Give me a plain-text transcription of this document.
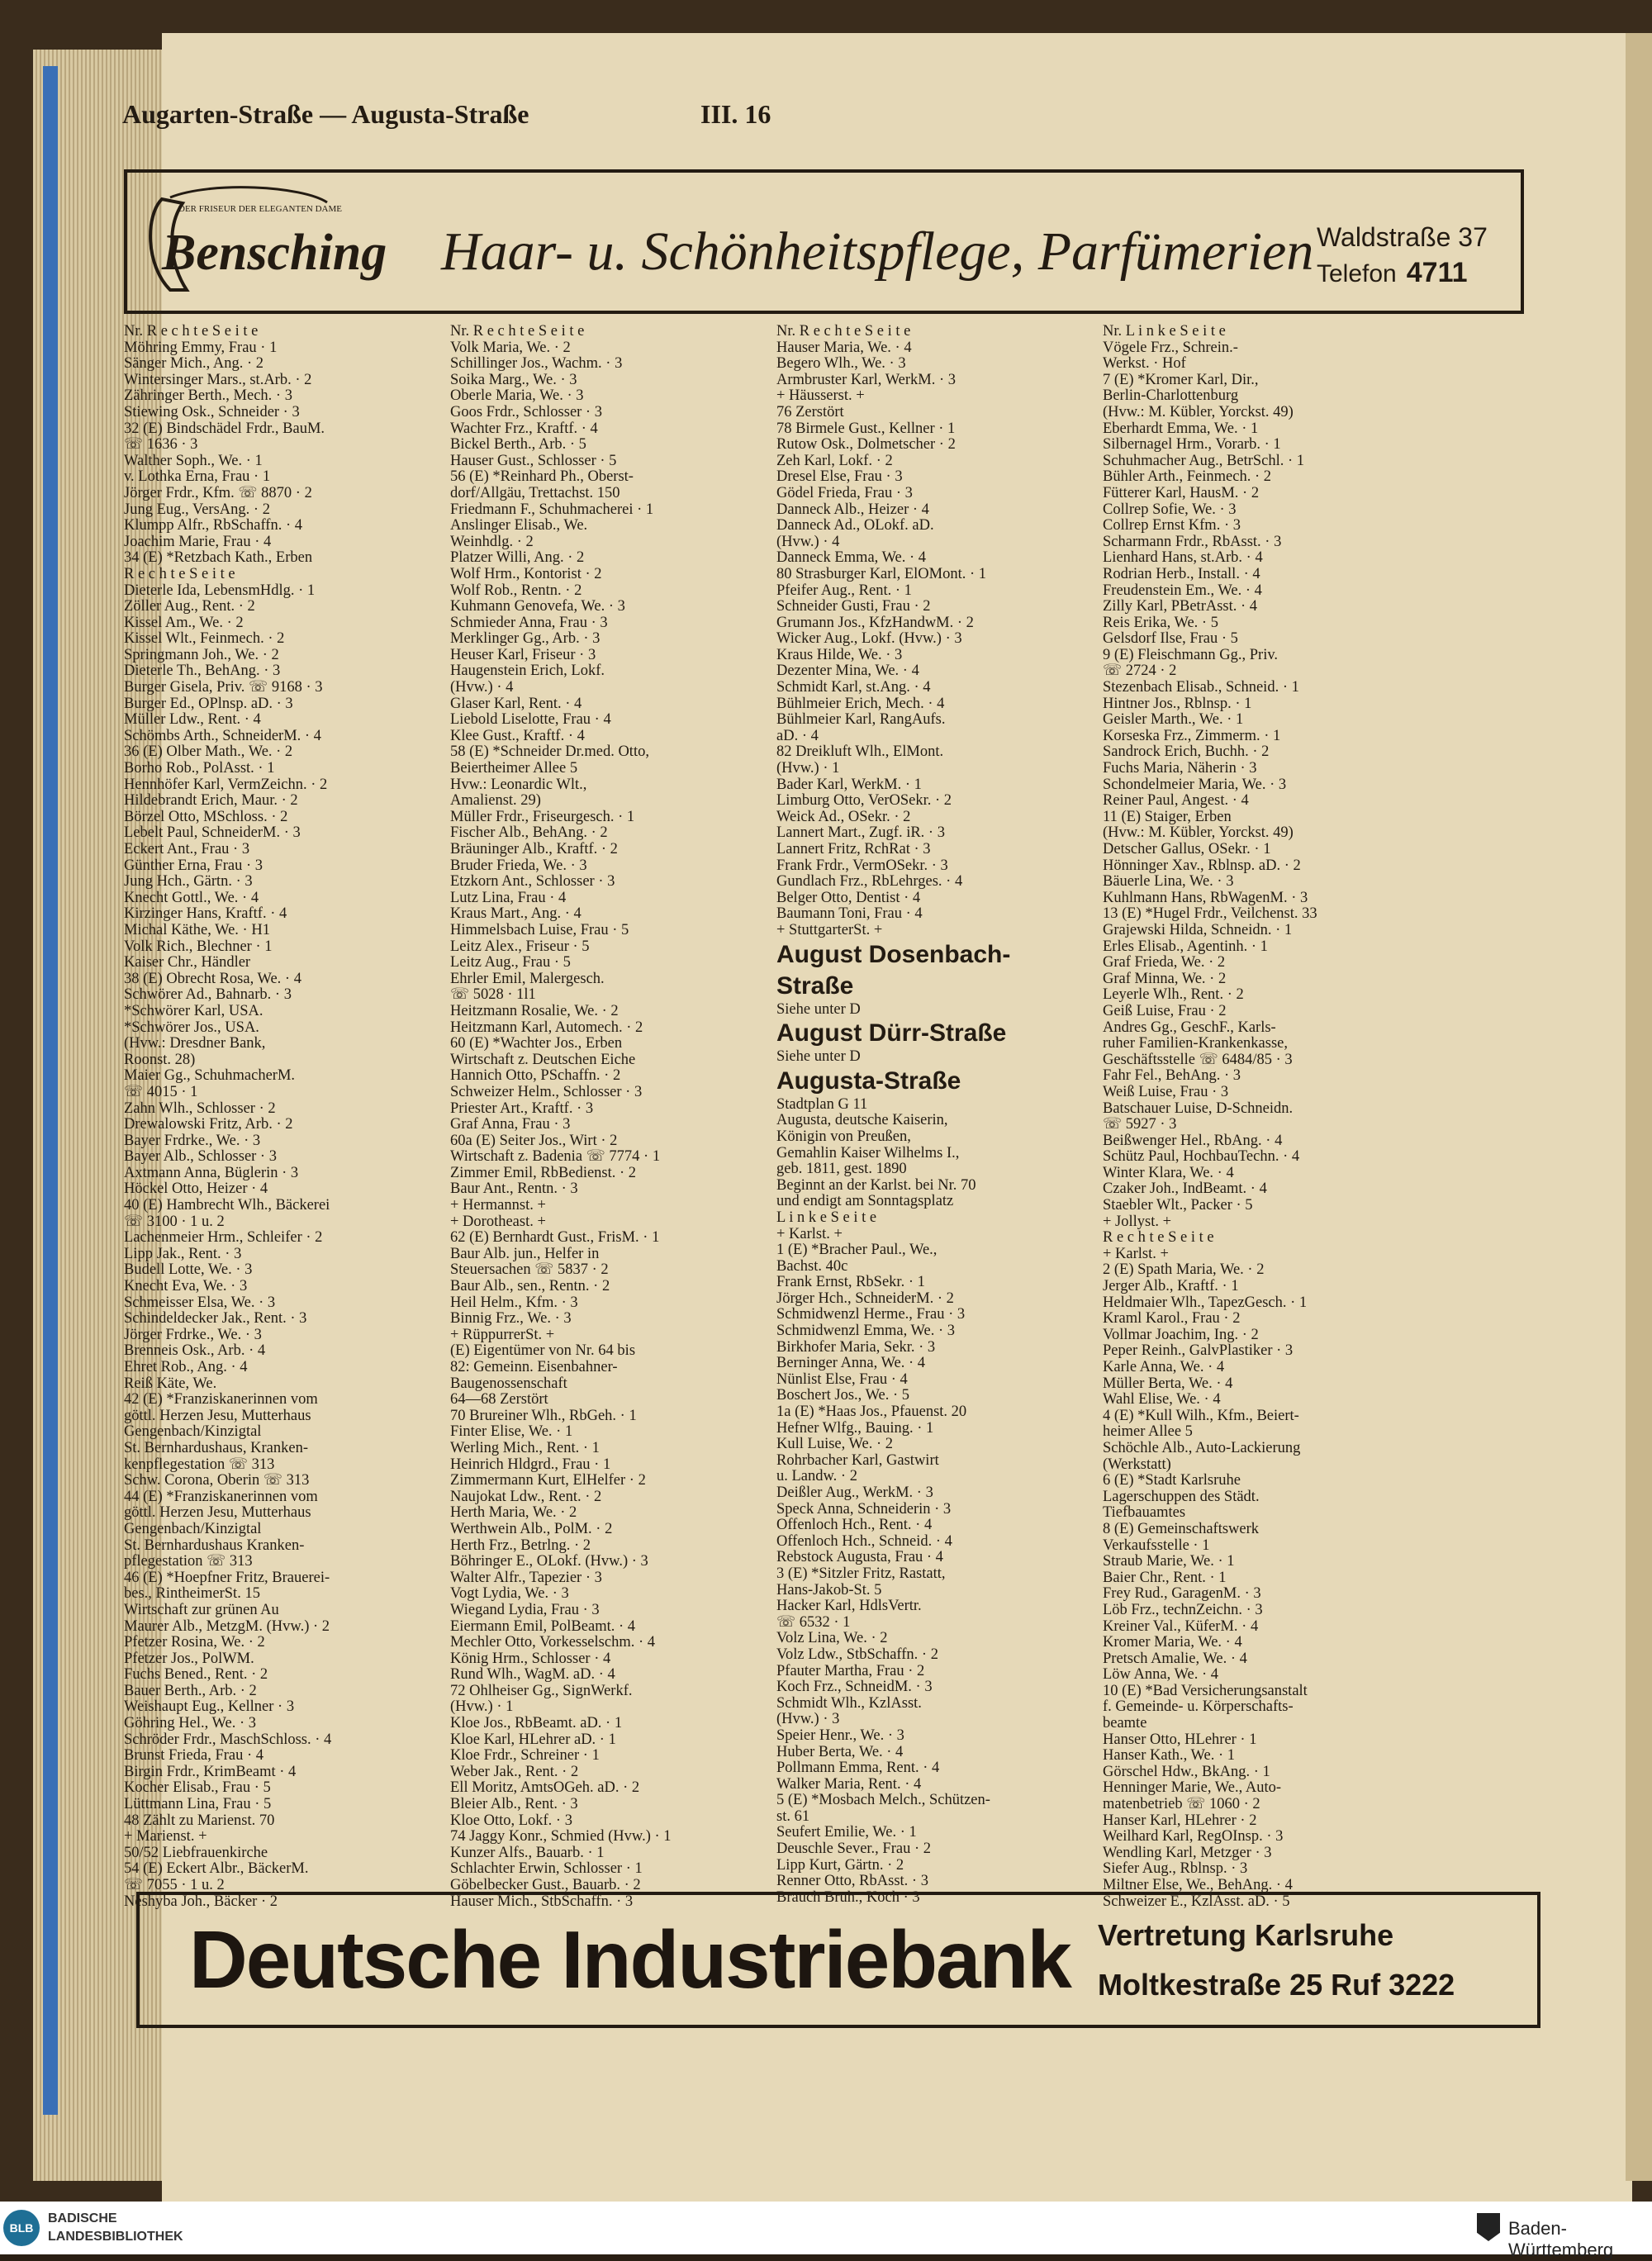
Augarten-Straße — Augusta-Straße	III. 16
DER FRISEUR DER ELEGANTEN DAME
Bensching Haar- u. Schönheitspflege, Parfümerien Waldstraße 37
Telefon 4711
Nr. R e c h t e S e i t e
Möhring Emmy, Frau · 1
Sänger Mich., Ang. · 2
Wintersinger Mars., st.Arb. · 2
Zähringer Berth., Mech. · 3
Stiewing Osk., Schneider · 3
32 (E) Bindschädel Frdr., BauM.
☏ 1636 · 3
Walther Soph., We. · 1
v. Lothka Erna, Frau · 1
Jörger Frdr., Kfm. ☏ 8870 · 2
Jung Eug., VersAng. · 2
Klumpp Alfr., RbSchaffn. · 4
Joachim Marie, Frau · 4
34 (E) *Retzbach Kath., Erben
R e c h t e S e i t e
Dieterle Ida, LebensmHdlg. · 1
Zöller Aug., Rent. · 2
Kissel Am., We. · 2
Kissel Wlt., Feinmech. · 2
Springmann Joh., We. · 2
Dieterle Th., BehAng. · 3
Burger Gisela, Priv. ☏ 9168 · 3
Burger Ed., OPlnsp. aD. · 3
Müller Ldw., Rent. · 4
Schömbs Arth., SchneiderM. · 4
36 (E) Olber Math., We. · 2
Borho Rob., PolAsst. · 1
Hennhöfer Karl, VermZeichn. · 2
Hildebrandt Erich, Maur. · 2
Börzel Otto, MSchloss. · 2
Lebelt Paul, SchneiderM. · 3
Eckert Ant., Frau · 3
Günther Erna, Frau · 3
Jung Hch., Gärtn. · 3
Knecht Gottl., We. · 4
Kirzinger Hans, Kraftf. · 4
Michal Käthe, We. · H1
Volk Rich., Blechner · 1
Kaiser Chr., Händler
38 (E) Obrecht Rosa, We. · 4
Schwörer Ad., Bahnarb. · 3
*Schwörer Karl, USA.
*Schwörer Jos., USA.
(Hvw.: Dresdner Bank,
Roonst. 28)
Maier Gg., SchuhmacherM.
☏ 4015 · 1
Zahn Wlh., Schlosser · 2
Drewalowski Fritz, Arb. · 2
Bayer Frdrke., We. · 3
Bayer Alb., Schlosser · 3
Axtmann Anna, Büglerin · 3
Höckel Otto, Heizer · 4
40 (E) Hambrecht Wlh., Bäckerei
☏ 3100 · 1 u. 2
Lachenmeier Hrm., Schleifer · 2
Lipp Jak., Rent. · 3
Budell Lotte, We. · 3
Knecht Eva, We. · 3
Schmeisser Elsa, We. · 3
Schindeldecker Jak., Rent. · 3
Jörger Frdrke., We. · 3
Brenneis Osk., Arb. · 4
Ehret Rob., Ang. · 4
Reiß Käte, We.
42 (E) *Franziskanerinnen vom
göttl. Herzen Jesu, Mutterhaus
Gengenbach/Kinzigtal
St. Bernhardushaus, Kranken-
kenpflegestation ☏ 313
Schw. Corona, Oberin ☏ 313
44 (E) *Franziskanerinnen vom
göttl. Herzen Jesu, Mutterhaus
Gengenbach/Kinzigtal
St. Bernhardushaus Kranken-
pflegestation ☏ 313
46 (E) *Hoepfner Fritz, Brauerei-
bes., RintheimerSt. 15
Wirtschaft zur grünen Au
Maurer Alb., MetzgM. (Hvw.) · 2
Pfetzer Rosina, We. · 2
Pfetzer Jos., PolWM.
Fuchs Bened., Rent. · 2
Bauer Berth., Arb. · 2
Weishaupt Eug., Kellner · 3
Göhring Hel., We. · 3
Schröder Frdr., MaschSchloss. · 4
Brunst Frieda, Frau · 4
Birgin Frdr., KrimBeamt · 4
Kocher Elisab., Frau · 5
Lüttmann Lina, Frau · 5
48 Zählt zu Marienst. 70
+ Marienst. +
50/52 Liebfrauenkirche
54 (E) Eckert Albr., BäckerM.
☏ 7055 · 1 u. 2
Neshyba Joh., Bäcker · 2
Nr. R e c h t e S e i t e
Volk Maria, We. · 2
Schillinger Jos., Wachm. · 3
Soika Marg., We. · 3
Oberle Maria, We. · 3
Goos Frdr., Schlosser · 3
Wachter Frz., Kraftf. · 4
Bickel Berth., Arb. · 5
Hauser Gust., Schlosser · 5
56 (E) *Reinhard Ph., Oberst-
dorf/Allgäu, Trettachst. 150
Friedmann F., Schuhmacherei · 1
Anslinger Elisab., We.
Weinhdlg. · 2
Platzer Willi, Ang. · 2
Wolf Hrm., Kontorist · 2
Wolf Rob., Rentn. · 2
Kuhmann Genovefa, We. · 3
Schmieder Anna, Frau · 3
Merklinger Gg., Arb. · 3
Heuser Karl, Friseur · 3
Haugenstein Erich, Lokf.
(Hvw.) · 4
Glaser Karl, Rent. · 4
Liebold Liselotte, Frau · 4
Klee Gust., Kraftf. · 4
58 (E) *Schneider Dr.med. Otto,
Beiertheimer Allee 5
Hvw.: Leonardic Wlt.,
Amalienst. 29)
Müller Frdr., Friseurgesch. · 1
Fischer Alb., BehAng. · 2
Bräuninger Alb., Kraftf. · 2
Bruder Frieda, We. · 3
Etzkorn Ant., Schlosser · 3
Lutz Lina, Frau · 4
Kraus Mart., Ang. · 4
Himmelsbach Luise, Frau · 5
Leitz Alex., Friseur · 5
Leitz Aug., Frau · 5
Ehrler Emil, Malergesch.
☏ 5028 · 1l1
Heitzmann Rosalie, We. · 2
Heitzmann Karl, Automech. · 2
60 (E) *Wachter Jos., Erben
Wirtschaft z. Deutschen Eiche
Hannich Otto, PSchaffn. · 2
Schweizer Helm., Schlosser · 3
Priester Art., Kraftf. · 3
Graf Anna, Frau · 3
60a (E) Seiter Jos., Wirt · 2
Wirtschaft z. Badenia ☏ 7774 · 1
Zimmer Emil, RbBedienst. · 2
Baur Ant., Rentn. · 3
+ Hermannst. +
+ Dorotheast. +
62 (E) Bernhardt Gust., FrisM. · 1
Baur Alb. jun., Helfer in
Steuersachen ☏ 5837 · 2
Baur Alb., sen., Rentn. · 2
Heil Helm., Kfm. · 3
Binnig Frz., We. · 3
+ RüppurrerSt. +
(E) Eigentümer von Nr. 64 bis
82: Gemeinn. Eisenbahner-
Baugenossenschaft
64—68 Zerstört
70 Brureiner Wlh., RbGeh. · 1
Finter Elise, We. · 1
Werling Mich., Rent. · 1
Heinrich Hldgrd., Frau · 1
Zimmermann Kurt, ElHelfer · 2
Naujokat Ldw., Rent. · 2
Herth Maria, We. · 2
Werthwein Alb., PolM. · 2
Herth Frz., Betrlng. · 2
Böhringer E., OLokf. (Hvw.) · 3
Walter Alfr., Tapezier · 3
Vogt Lydia, We. · 3
Wiegand Lydia, Frau · 3
Eiermann Emil, PolBeamt. · 4
Mechler Otto, Vorkesselschm. · 4
König Hrm., Schlosser · 4
Rund Wlh., WagM. aD. · 4
72 Ohlheiser Gg., SignWerkf.
(Hvw.) · 1
Kloe Jos., RbBeamt. aD. · 1
Kloe Karl, HLehrer aD. · 1
Kloe Frdr., Schreiner · 1
Weber Jak., Rent. · 2
Ell Moritz, AmtsOGeh. aD. · 2
Bleier Alb., Rent. · 3
Kloe Otto, Lokf. · 3
74 Jaggy Konr., Schmied (Hvw.) · 1
Kunzer Alfs., Bauarb. · 1
Schlachter Erwin, Schlosser · 1
Göbelbecker Gust., Bauarb. · 2
Hauser Mich., StbSchaffn. · 3
Nr. R e c h t e S e i t e
Hauser Maria, We. · 4
Begero Wlh., We. · 3
Armbruster Karl, WerkM. · 3
+ Häusserst. +
76 Zerstört
78 Birmele Gust., Kellner · 1
Rutow Osk., Dolmetscher · 2
Zeh Karl, Lokf. · 2
Dresel Else, Frau · 3
Gödel Frieda, Frau · 3
Danneck Alb., Heizer · 4
Danneck Ad., OLokf. aD.
(Hvw.) · 4
Danneck Emma, We. · 4
80 Strasburger Karl, ElOMont. · 1
Pfeifer Aug., Rent. · 1
Schneider Gusti, Frau · 2
Grumann Jos., KfzHandwM. · 2
Wicker Aug., Lokf. (Hvw.) · 3
Kraus Hilde, We. · 3
Dezenter Mina, We. · 4
Schmidt Karl, st.Ang. · 4
Bühlmeier Erich, Mech. · 4
Bühlmeier Karl, RangAufs.
aD. · 4
82 Dreikluft Wlh., ElMont.
(Hvw.) · 1
Bader Karl, WerkM. · 1
Limburg Otto, VerOSekr. · 2
Weick Ad., OSekr. · 2
Lannert Mart., Zugf. iR. · 3
Lannert Fritz, RchRat · 3
Frank Frdr., VermOSekr. · 3
Gundlach Frz., RbLehrges. · 4
Belger Otto, Dentist · 4
Baumann Toni, Frau · 4
+ StuttgarterSt. +
August Dosenbach-
Straße
Siehe unter D
August Dürr-Straße
Siehe unter D
Augusta-Straße
Stadtplan G 11
Augusta, deutsche Kaiserin,
Königin von Preußen,
Gemahlin Kaiser Wilhelms I.,
geb. 1811, gest. 1890
Beginnt an der Karlst. bei Nr. 70
und endigt am Sonntagsplatz
L i n k e S e i t e
+ Karlst. +
1 (E) *Bracher Paul., We.,
Bachst. 40c
Frank Ernst, RbSekr. · 1
Jörger Hch., SchneiderM. · 2
Schmidwenzl Herme., Frau · 3
Schmidwenzl Emma, We. · 3
Birkhofer Maria, Sekr. · 3
Berninger Anna, We. · 4
Nünlist Else, Frau · 4
Boschert Jos., We. · 5
1a (E) *Haas Jos., Pfauenst. 20
Hefner Wlfg., Bauing. · 1
Kull Luise, We. · 2
Rohrbacher Karl, Gastwirt
u. Landw. · 2
Deißler Aug., WerkM. · 3
Speck Anna, Schneiderin · 3
Offenloch Hch., Rent. · 4
Offenloch Hch., Schneid. · 4
Rebstock Augusta, Frau · 4
3 (E) *Sitzler Fritz, Rastatt,
Hans-Jakob-St. 5
Hacker Karl, HdlsVertr.
☏ 6532 · 1
Volz Lina, We. · 2
Volz Ldw., StbSchaffn. · 2
Pfauter Martha, Frau · 2
Koch Frz., SchneidM. · 3
Schmidt Wlh., KzlAsst.
(Hvw.) · 3
Speier Henr., We. · 3
Huber Berta, We. · 4
Pollmann Emma, Rent. · 4
Walker Maria, Rent. · 4
5 (E) *Mosbach Melch., Schützen-
st. 61
Seufert Emilie, We. · 1
Deuschle Sever., Frau · 2
Lipp Kurt, Gärtn. · 2
Renner Otto, RbAsst. · 3
Brauch Bruh., Koch · 3
Nr. L i n k e S e i t e
Vögele Frz., Schrein.-
Werkst. · Hof
7 (E) *Kromer Karl, Dir.,
Berlin-Charlottenburg
(Hvw.: M. Kübler, Yorckst. 49)
Eberhardt Emma, We. · 1
Silbernagel Hrm., Vorarb. · 1
Schuhmacher Aug., BetrSchl. · 1
Bühler Arth., Feinmech. · 2
Fütterer Karl, HausM. · 2
Collrep Sofie, We. · 3
Collrep Ernst Kfm. · 3
Scharmann Frdr., RbAsst. · 3
Lienhard Hans, st.Arb. · 4
Rodrian Herb., Install. · 4
Freudenstein Em., We. · 4
Zilly Karl, PBetrAsst. · 4
Reis Erika, We. · 5
Gelsdorf Ilse, Frau · 5
9 (E) Fleischmann Gg., Priv.
☏ 2724 · 2
Stezenbach Elisab., Schneid. · 1
Hintner Jos., Rblnsp. · 1
Geisler Marth., We. · 1
Korseska Frz., Zimmerm. · 1
Sandrock Erich, Buchh. · 2
Fuchs Maria, Näherin · 3
Schondelmeier Maria, We. · 3
Reiner Paul, Angest. · 4
11 (E) Staiger, Erben
(Hvw.: M. Kübler, Yorckst. 49)
Detscher Gallus, OSekr. · 1
Hönninger Xav., Rblnsp. aD. · 2
Bäuerle Lina, We. · 3
Kuhlmann Hans, RbWagenM. · 3
13 (E) *Hugel Frdr., Veilchenst. 33
Grajewski Hilda, Schneidn. · 1
Erles Elisab., Agentinh. · 1
Graf Frieda, We. · 2
Graf Minna, We. · 2
Leyerle Wlh., Rent. · 2
Geiß Luise, Frau · 2
Andres Gg., GeschF., Karls-
ruher Familien-Krankenkasse,
Geschäftsstelle ☏ 6484/85 · 3
Fahr Fel., BehAng. · 3
Weiß Luise, Frau · 3
Batschauer Luise, D-Schneidn.
☏ 5927 · 3
Beißwenger Hel., RbAng. · 4
Schütz Paul, HochbauTechn. · 4
Winter Klara, We. · 4
Czaker Joh., IndBeamt. · 4
Staebler Wlt., Packer · 5
+ Jollyst. +
R e c h t e S e i t e
+ Karlst. +
2 (E) Spath Maria, We. · 2
Jerger Alb., Kraftf. · 1
Heldmaier Wlh., TapezGesch. · 1
Kraml Karol., Frau · 2
Vollmar Joachim, Ing. · 2
Peper Reinh., GalvPlastiker · 3
Karle Anna, We. · 4
Müller Berta, We. · 4
Wahl Elise, We. · 4
4 (E) *Kull Wilh., Kfm., Beiert-
heimer Allee 5
Schöchle Alb., Auto-Lackierung
(Werkstatt)
6 (E) *Stadt Karlsruhe
Lagerschuppen des Städt.
Tiefbauamtes
8 (E) Gemeinschaftswerk
Verkaufsstelle · 1
Straub Marie, We. · 1
Baier Chr., Rent. · 1
Frey Rud., GaragenM. · 3
Löb Frz., technZeichn. · 3
Kreiner Val., KüferM. · 4
Kromer Maria, We. · 4
Pretsch Amalie, We. · 4
Löw Anna, We. · 4
10 (E) *Bad Versicherungsanstalt
f. Gemeinde- u. Körperschafts-
beamte
Hanser Otto, HLehrer · 1
Hanser Kath., We. · 1
Görschel Hdw., BkAng. · 1
Henninger Marie, We., Auto-
matenbetrieb ☏ 1060 · 2
Hanser Karl, HLehrer · 2
Weilhard Karl, RegOInsp. · 3
Wendling Karl, Metzger · 3
Siefer Aug., Rblnsp. · 3
Miltner Else, We., BehAng. · 4
Schweizer E., KzlAsst. aD. · 5
Deutsche Industriebank Vertretung Karlsruhe
Moltkestraße 25 Ruf 3222
BLB
BADISCHE
LANDESBIBLIOTHEK	Baden-Württemberg
